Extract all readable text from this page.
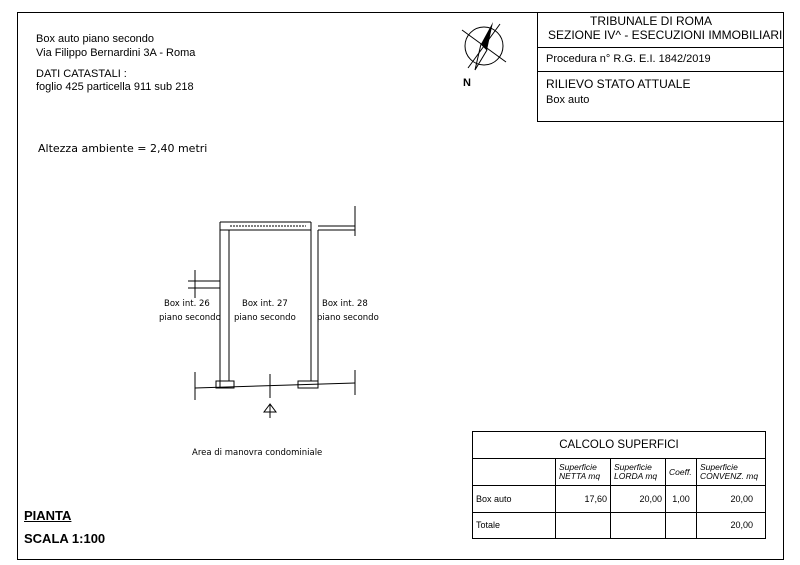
Box auto piano secondo
Via Filippo Bernardini 3A - Roma
DATI CATASTALI :
foglio 425 particella 911 sub 218
Altezza ambiente = 2,40 metri
TRIBUNALE DI ROMA
SEZIONE IV^ - ESECUZIONI IMMOBILIARI
Procedura n° R.G. E.I. 1842/2019
RILIEVO STATO ATTUALE
Box auto
Box int. 26
piano secondo
Box int. 27
piano secondo
Box int. 28
piano secondo
Area di manovra condominiale
PIANTA
SCALA 1:100
CALCOLO SUPERFICI				
	Superficie NETTA mq	Superficie LORDA mq	Coeff.	Superficie CONVENZ. mq
Box auto	17,60	20,00	1,00	20,00
Totale				20,00
N
